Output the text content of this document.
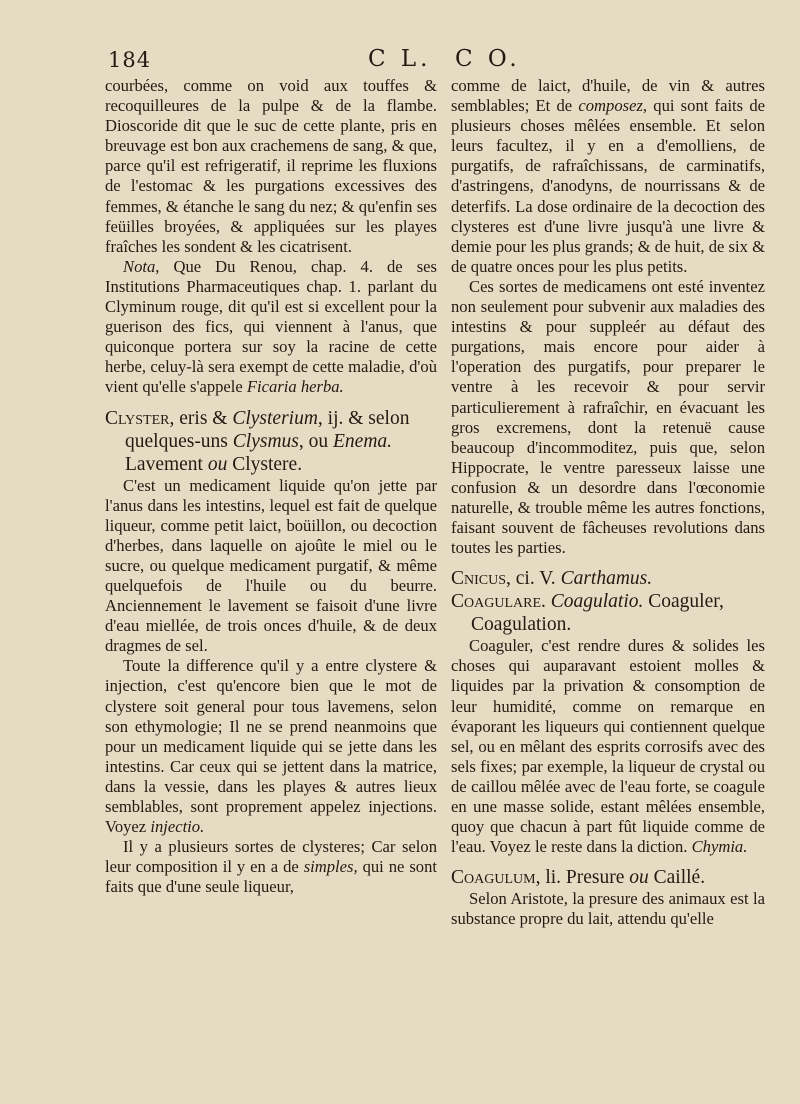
184	C L. C O.

courbées, comme on void aux touffes & recoquilleures de la pulpe & de la flambe. Dioscoride dit que le suc de cette plante, pris en breuvage est bon aux crachemens de sang, & que, parce qu'il est refrigeratif, il reprime les fluxions de l'estomac & les purgations excessives des femmes, & étanche le sang du nez; & qu'enfin ses feüilles broyées, & appliquées sur les playes fraîches les sondent & les cicatrisent.

Nota, Que Du Renou, chap. 4. de ses Institutions Pharmaceutiques chap. 1. parlant du Clyminum rouge, dit qu'il est si excellent pour la guerison des fics, qui viennent à l'anus, que quiconque portera sur soy la racine de cette herbe, celuy-là sera exempt de cette maladie, d'où vient qu'elle s'appele Ficaria herba.

Clyster, eris & Clysterium, ij. & selon quelques-uns Clysmus, ou Enema. Lavement ou Clystere.

C'est un medicament liquide qu'on jette par l'anus dans les intestins, lequel est fait de quelque liqueur, comme petit laict, boüillon, ou decoction d'herbes, dans laquelle on ajoûte le miel ou le sucre, ou quelque medicament purgatif, & même quelquefois de l'huile ou du beurre. Anciennement le lavement se faisoit d'une livre d'eau miellée, de trois onces d'huile, & de deux dragmes de sel.

Toute la difference qu'il y a entre clystere & injection, c'est qu'encore bien que le mot de clystere soit general pour tous lavemens, selon son ethymologie; Il ne se prend neanmoins que pour un medicament liquide qui se jette dans les intestins. Car ceux qui se jettent dans la matrice, dans la vessie, dans les playes & autres lieux semblables, sont proprement appelez injections. Voyez injectio.

Il y a plusieurs sortes de clysteres; Car selon leur composition il y en a de simples, qui ne sont faits que d'une seule liqueur,

comme de laict, d'huile, de vin & autres semblables; Et de composez, qui sont faits de plusieurs choses mêlées ensemble. Et selon leurs facultez, il y en a d'emolliens, de purgatifs, de rafraîchissans, de carminatifs, d'astringens, d'anodyns, de nourrissans & de deterfifs. La dose ordinaire de la decoction des clysteres est d'une livre jusqu'à une livre & demie pour les plus grands; & de huit, de six & de quatre onces pour les plus petits.

Ces sortes de medicamens ont esté inventez non seulement pour subvenir aux maladies des intestins & pour suppleér au défaut des purgations, mais encore pour aider à l'operation des purgatifs, pour preparer le ventre à les recevoir & pour servir particulierement à rafraîchir, en évacuant les gros excremens, dont la retenuë cause beaucoup d'incommoditez, puis que, selon Hippocrate, le ventre paresseux laisse une confusion & un desordre dans l'œconomie naturelle, & trouble même les autres fonctions, faisant souvent de fâcheuses revolutions dans toutes les parties.

Cnicus, ci. V. Carthamus.

Coagulare. Coagulatio. Coaguler, Coagulation.

Coaguler, c'est rendre dures & solides les choses qui auparavant estoient molles & liquides par la privation & consomption de leur humidité, comme on remarque en évaporant les liqueurs qui contiennent quelque sel, ou en mêlant des esprits corrosifs avec des sels fixes; par exemple, la liqueur de crystal ou de caillou mêlée avec de l'eau forte, se coagule en une masse solide, estant mêlées ensemble, quoy que chacun à part fût liquide comme de l'eau. Voyez le reste dans la diction. Chymia.

Coagulum, li. Presure ou Caillé.

Selon Aristote, la presure des animaux est la substance propre du lait, attendu qu'elle
